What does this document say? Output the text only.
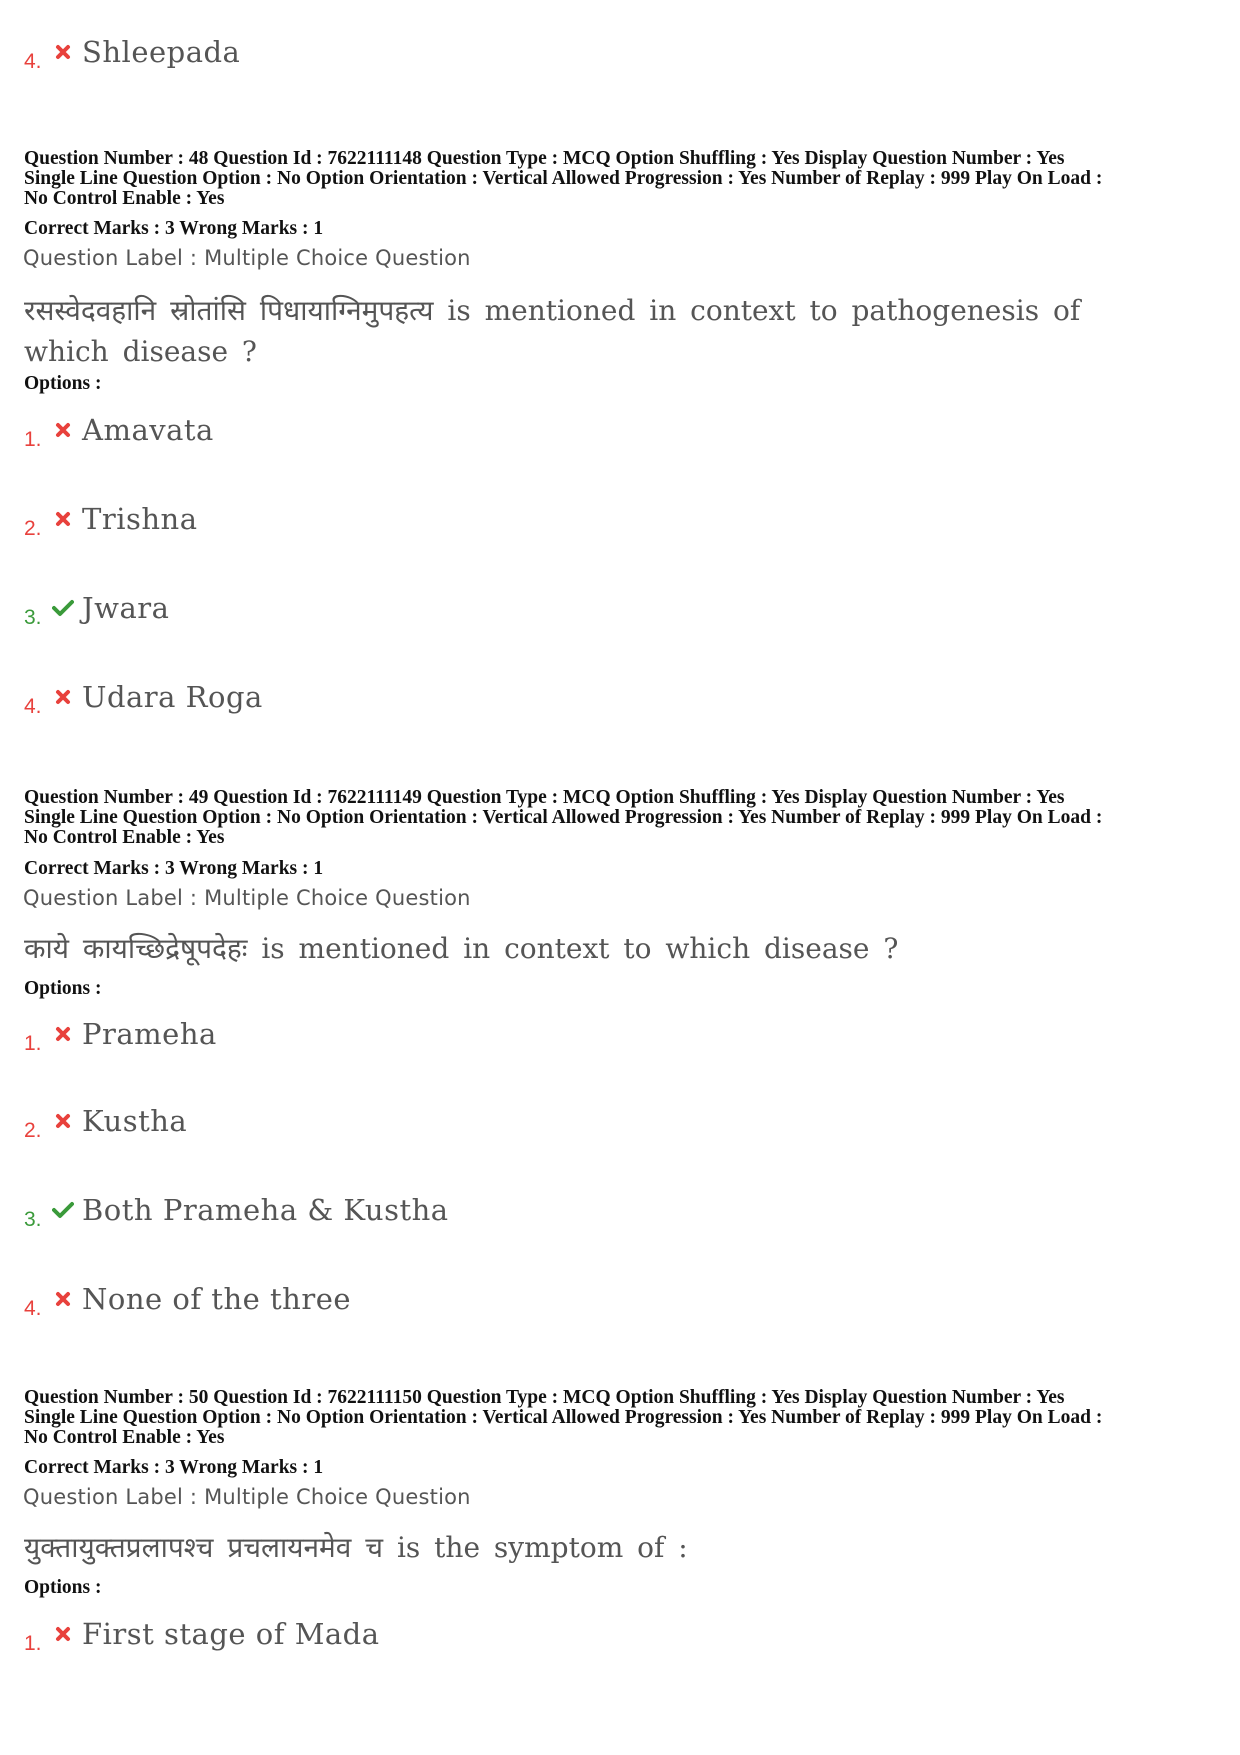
4.	Shleepada
Question Number : 48 Question Id : 7622111148 Question Type : MCQ Option Shuffling : Yes Display Question Number : Yes
Single Line Question Option : No Option Orientation : Vertical Allowed Progression : Yes Number of Replay : 999 Play On Load :
No Control Enable : Yes
Correct Marks : 3 Wrong Marks : 1
Question Label : Multiple Choice Question
रसस्वेदवहानि स्रोतांसि पिधायाग्निमुपहत्य is mentioned in context to pathogenesis of which disease ?
Options :
1.	Amavata
2.	Trishna
3.	Jwara
4.	Udara Roga
Question Number : 49 Question Id : 7622111149 Question Type : MCQ Option Shuffling : Yes Display Question Number : Yes
Single Line Question Option : No Option Orientation : Vertical Allowed Progression : Yes Number of Replay : 999 Play On Load :
No Control Enable : Yes
Correct Marks : 3 Wrong Marks : 1
Question Label : Multiple Choice Question
काये कायच्छिद्रेषूपदेहः is mentioned in context to which disease ?
Options :
1.	Prameha
2.	Kustha
3.	Both Prameha & Kustha
4.	None of the three
Question Number : 50 Question Id : 7622111150 Question Type : MCQ Option Shuffling : Yes Display Question Number : Yes
Single Line Question Option : No Option Orientation : Vertical Allowed Progression : Yes Number of Replay : 999 Play On Load :
No Control Enable : Yes
Correct Marks : 3 Wrong Marks : 1
Question Label : Multiple Choice Question
युक्तायुक्तप्रलापश्च प्रचलायनमेव च is the symptom of :
Options :
1.	First stage of Mada
